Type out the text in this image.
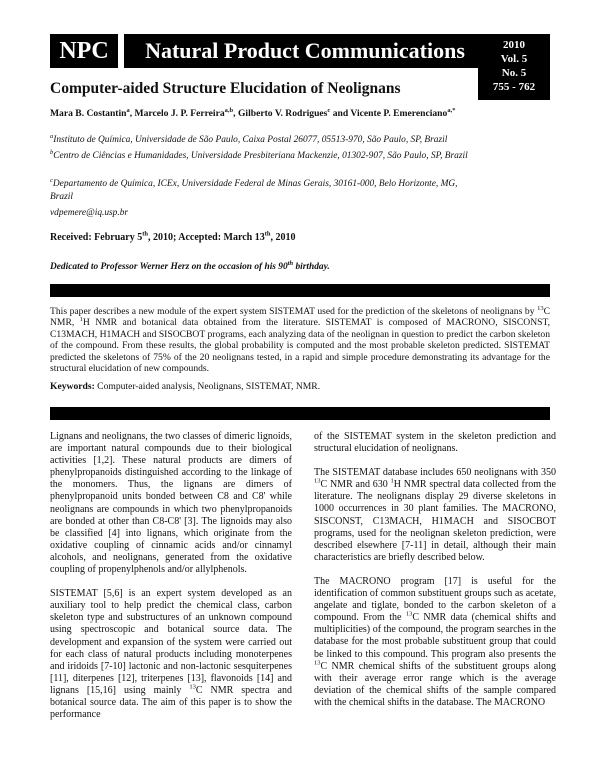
NPC	Natural Product Communications	2010
Vol. 5
No. 5
755 - 762
Computer-aided Structure Elucidation of Neolignans
Mara B. Costantin$^a$, Marcelo J. P. Ferreira$^{a,b}$, Gilberto V. Rodrigues$^c$ and Vicente P. Emerenciano$^{a,*}$
$^a$Instituto de Química, Universidade de São Paulo, Caixa Postal 26077, 05513-970, São Paulo, SP, Brazil
$^b$Centro de Ciências e Humanidades, Universidade Presbiteriana Mackenzie, 01302-907, São Paulo, SP, Brazil
$^c$Departamento de Química, ICEx, Universidade Federal de Minas Gerais, 30161-000, Belo Horizonte, MG, Brazil
vdpemere@iq.usp.br
Received: February 5th, 2010; Accepted: March 13th, 2010
Dedicated to Professor Werner Herz on the occasion of his 90th birthday.
This paper describes a new module of the expert system SISTEMAT used for the prediction of the skeletons of neolignans by $^{13}$C NMR, $^1$H NMR and botanical data obtained from the literature. SISTEMAT is composed of MACRONO, SISCONST, C13MACH, H1MACH and SISOCBOT programs, each analyzing data of the neolignan in question to predict the carbon skeleton of the compound. From these results, the global probability is computed and the most probable skeleton predicted. SISTEMAT predicted the skeletons of 75% of the 20 neolignans tested, in a rapid and simple procedure demonstrating its advantage for the structural elucidation of new compounds.
Keywords: Computer-aided analysis, Neolignans, SISTEMAT, NMR.

Lignans and neolignans, the two classes of dimeric lignoids, are important natural compounds due to their biological activities [1,2]. These natural products are dimers of phenylpropanoids distinguished according to the linkage of the monomers. Thus, the lignans are dimers of phenylpropanoid units bonded between C8 and C8' while neolignans are compounds in which two phenylpropanoids are bonded at other than C8-C8' [3]. The lignoids may also be classified [4] into lignans, which originate from the oxidative coupling of cinnamic acids and/or cinnamyl alcohols, and neolignans, generated from the oxidative coupling of propenylphenols and/or allylphenols.

SISTEMAT [5,6] is an expert system developed as an auxiliary tool to help predict the chemical class, carbon skeleton type and substructures of an unknown compound using spectroscopic and botanical source data. The development and expansion of the system were carried out for each class of natural products including monoterpenes and iridoids [7-10] lactonic and non-lactonic sesquiterpenes [11], diterpenes [12], triterpenes [13], flavonoids [14] and lignans [15,16] using mainly $^{13}$C NMR spectra and botanical source data. The aim of this paper is to show the performance

of the SISTEMAT system in the skeleton prediction and structural elucidation of neolignans.

The SISTEMAT database includes 650 neolignans with 350 $^{13}$C NMR and 630 $^1$H NMR spectral data collected from the literature. The neolignans display 29 diverse skeletons in 1000 occurrences in 30 plant families. The MACRONO, SISCONST, C13MACH, H1MACH and SISOCBOT programs, used for the neolignan skeleton prediction, were described elsewhere [7-11] in detail, although their main characteristics are briefly described below.

The MACRONO program [17] is useful for the identification of common substituent groups such as acetate, angelate and tiglate, bonded to the carbon skeleton of a compound. From the $^{13}$C NMR data (chemical shifts and multiplicities) of the compound, the program searches in the database for the most probable substituent group that could be linked to this compound. This program also presents the $^{13}$C NMR chemical shifts of the substituent groups along with their average error range which is the average deviation of the chemical shifts of the sample compared with the chemical shifts in the database. The MACRONO
